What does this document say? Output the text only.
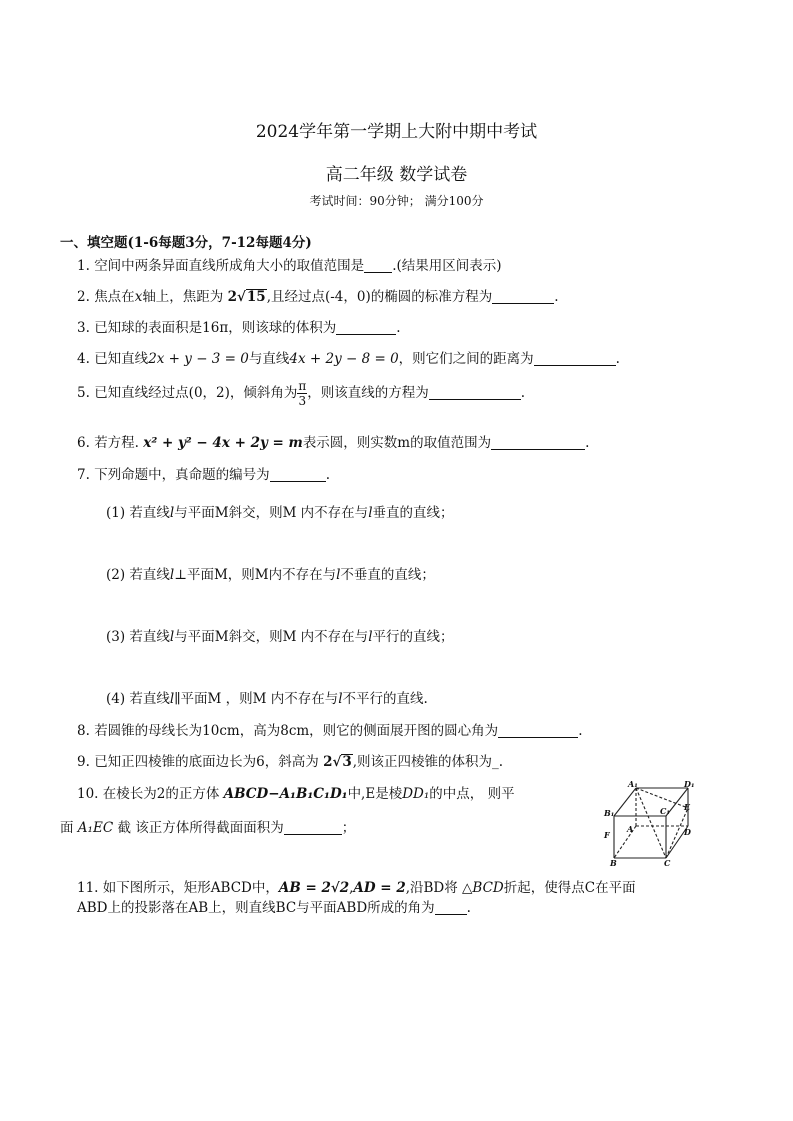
2024学年第一学期上大附中期中考试
高二年级 数学试卷
考试时间：90分钟； 满分100分
一、填空题(1-6每题3分，7-12每题4分)
1. 空间中两条异面直线所成角大小的取值范围是 .(结果用区间表示)
2. 焦点在x轴上，焦距为 2√15,且经过点(-4，0)的椭圆的标准方程为	.
3. 已知球的表面积是16π，则该球的体积为	.
4. 已知直线2x + y − 3 = 0与直线4x + 2y − 8 = 0，则它们之间的距离为	.
5. 已知直线经过点(0，2)，倾斜角为 $\frac{\pi}{3}$ ，则该直线的方程为	.
6. 若方程. x² + y² − 4x + 2y = m表示圆，则实数m的取值范围为	.
7. 下列命题中，真命题的编号为	.
(1) 若直线l与平面M斜交，则M 内不存在与l垂直的直线；
(2) 若直线l⊥平面M，则M内不存在与l不垂直的直线；
(3) 若直线l与平面M斜交，则M 内不存在与l平行的直线；
(4) 若直线l∥平面M ，则M 内不存在与l不平行的直线.
8. 若圆锥的母线长为10cm，高为8cm，则它的侧面展开图的圆心角为	.
9. 已知正四棱锥的底面边长为6，斜高为 2√3,则该正四棱锥的体积为_.
10. 在棱长为2的正方体 ABCD−A₁B₁C₁D₁中,E是棱DD₁的中点， 则平
面 A₁EC 截 该正方体所得截面面积为	；
A₁	D₁
B₁	C₁ E
F
A	D
B	C
11. 如下图所示，矩形ABCD中，AB = 2√2,AD = 2,沿BD将 △BCD折起，使得点C在平面
ABD上的投影落在AB上，则直线BC与平面ABD所成的角为 .
